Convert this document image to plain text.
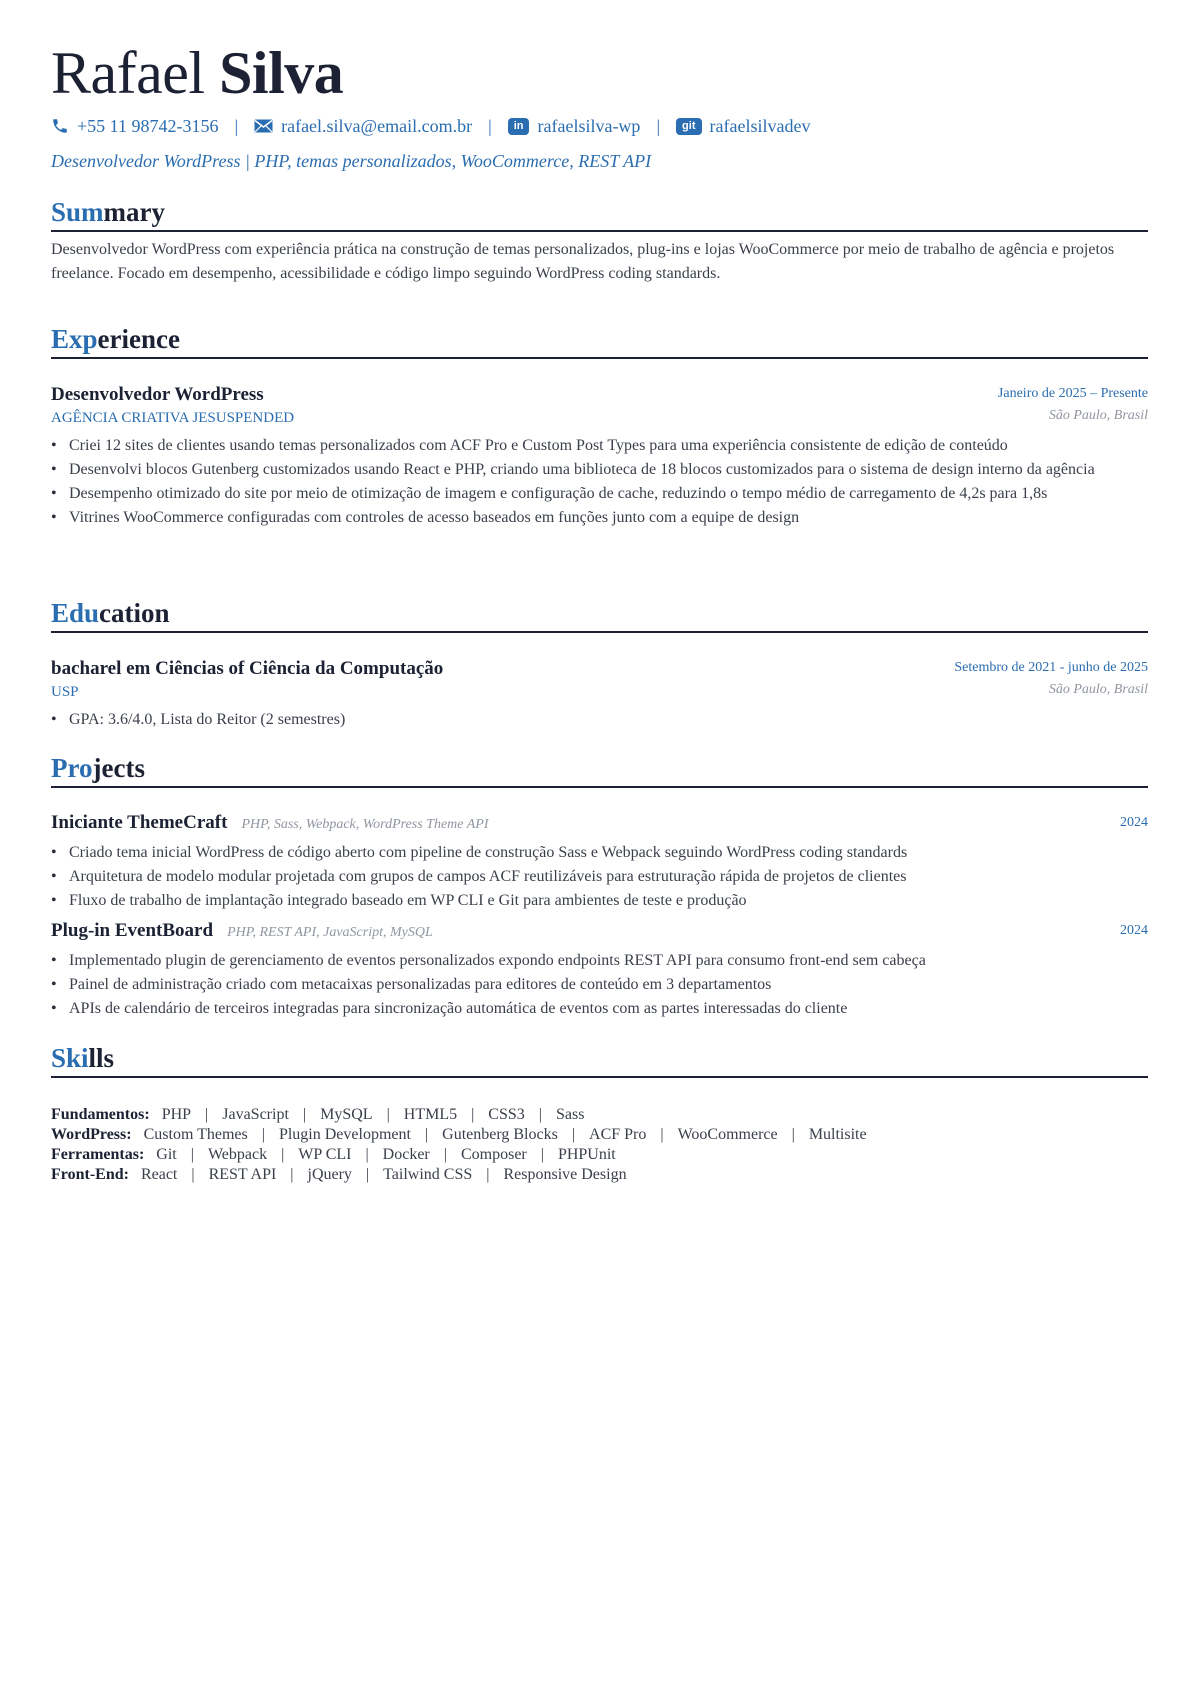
Rafael Silva
+55 11 98742-3156 | rafael.silva@email.com.br |	in rafaelsilva-wp |	git rafaelsilvadev
Desenvolvedor WordPress | PHP, temas personalizados, WooCommerce, REST API
Summary
Desenvolvedor WordPress com experiência prática na construção de temas personalizados, plug-ins e lojas WooCommerce por meio de trabalho de agência e projetos freelance. Focado em desempenho, acessibilidade e código limpo seguindo WordPress coding standards.
Experience
Desenvolvedor WordPress
AGÊNCIA CRIATIVA JESUSPENDED
Janeiro de 2025 – Presente
São Paulo, Brasil
• Criei 12 sites de clientes usando temas personalizados com ACF Pro e Custom Post Types para uma experiência consistente de edição de conteúdo
• Desenvolvi blocos Gutenberg customizados usando React e PHP, criando uma biblioteca de 18 blocos customizados para o sistema de design interno da agência
• Desempenho otimizado do site por meio de otimização de imagem e configuração de cache, reduzindo o tempo médio de carregamento de 4,2s para 1,8s
• Vitrines WooCommerce configuradas com controles de acesso baseados em funções junto com a equipe de design
Education
bacharel em Ciências of Ciência da Computação
USP
Setembro de 2021 - junho de 2025
São Paulo, Brasil
• GPA: 3.6/4.0, Lista do Reitor (2 semestres)
Projects
Iniciante ThemeCraft PHP, Sass, Webpack, WordPress Theme API	2024
• Criado tema inicial WordPress de código aberto com pipeline de construção Sass e Webpack seguindo WordPress coding standards
• Arquitetura de modelo modular projetada com grupos de campos ACF reutilizáveis para estruturação rápida de projetos de clientes
• Fluxo de trabalho de implantação integrado baseado em WP CLI e Git para ambientes de teste e produção
Plug-in EventBoard PHP, REST API, JavaScript, MySQL	2024
• Implementado plugin de gerenciamento de eventos personalizados expondo endpoints REST API para consumo front-end sem cabeça
• Painel de administração criado com metacaixas personalizadas para editores de conteúdo em 3 departamentos
• APIs de calendário de terceiros integradas para sincronização automática de eventos com as partes interessadas do cliente
Skills
Fundamentos: PHP | JavaScript | MySQL | HTML5 | CSS3 | Sass
WordPress: Custom Themes | Plugin Development | Gutenberg Blocks | ACF Pro | WooCommerce | Multisite
Ferramentas: Git | Webpack | WP CLI | Docker | Composer | PHPUnit
Front-End: React | REST API | jQuery | Tailwind CSS | Responsive Design
